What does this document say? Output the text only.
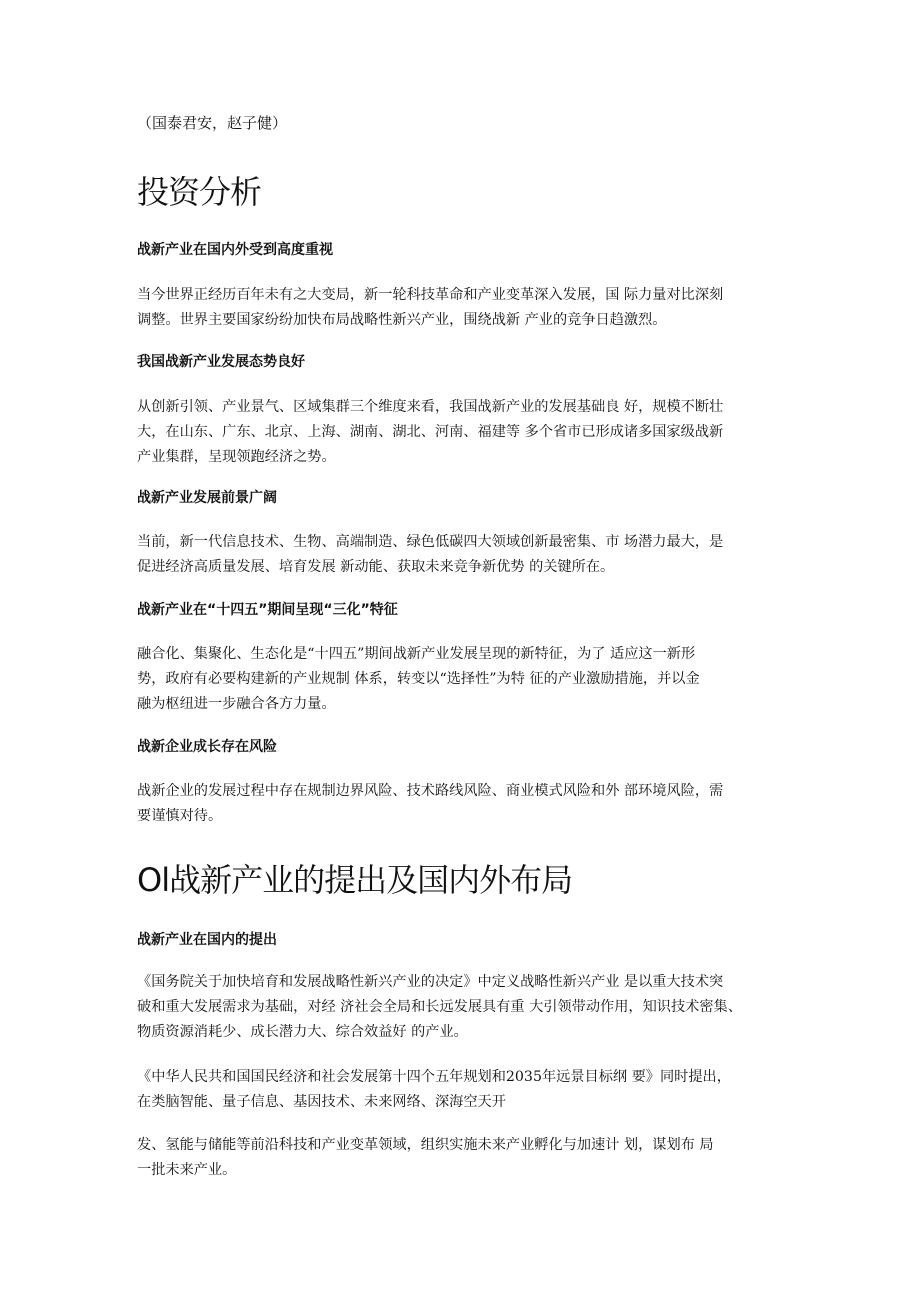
（国泰君安，赵子健）
投资分析
战新产业在国内外受到高度重视
当今世界正经历百年未有之大变局，新一轮科技革命和产业变革深入发展，国 际力量对比深刻
调整。世界主要国家纷纷加快布局战略性新兴产业，围绕战新 产业的竞争日趋激烈。
我国战新产业发展态势良好
从创新引领、产业景气、区域集群三个维度来看，我国战新产业的发展基础良 好，规模不断壮
大，在山东、广东、北京、上海、湖南、湖北、河南、福建等 多个省市已形成诸多国家级战新
产业集群，呈现领跑经济之势。
战新产业发展前景广阔
当前，新一代信息技术、生物、高端制造、绿色低碳四大领域创新最密集、市 场潜力最大，是
促进经济高质量发展、培育发展 新动能、获取未来竞争新优势 的关键所在。
战新产业在“十四五”期间呈现“三化”特征
融合化、集聚化、生态化是“十四五”期间战新产业发展呈现的新特征，为了 适应这一新形
势，政府有必要构建新的产业规制 体系，转变以“选择性”为特 征的产业激励措施，并以金
融为枢纽进一步融合各方力量。
战新企业成长存在风险
战新企业的发展过程中存在规制边界风险、技术路线风险、商业模式风险和外 部环境风险，需
要谨慎对待。
Ol战新产业的提出及国内外布局
战新产业在国内的提出
《国务院关于加快培育和发展战略性新兴产业的决定》中定义战略性新兴产业 是以重大技术突
破和重大发展需求为基础，对经 济社会全局和长远发展具有重 大引领带动作用，知识技术密集、
物质资源消耗少、成长潜力大、综合效益好 的产业。
《中华人民共和国国民经济和社会发展第十四个五年规划和2035年远景目标纲 要》同时提出，
在类脑智能、量子信息、基因技术、未来网络、深海空天开
发、氢能与储能等前沿科技和产业变革领域，组织实施未来产业孵化与加速计 划，谋划布 局
一批未来产业。
